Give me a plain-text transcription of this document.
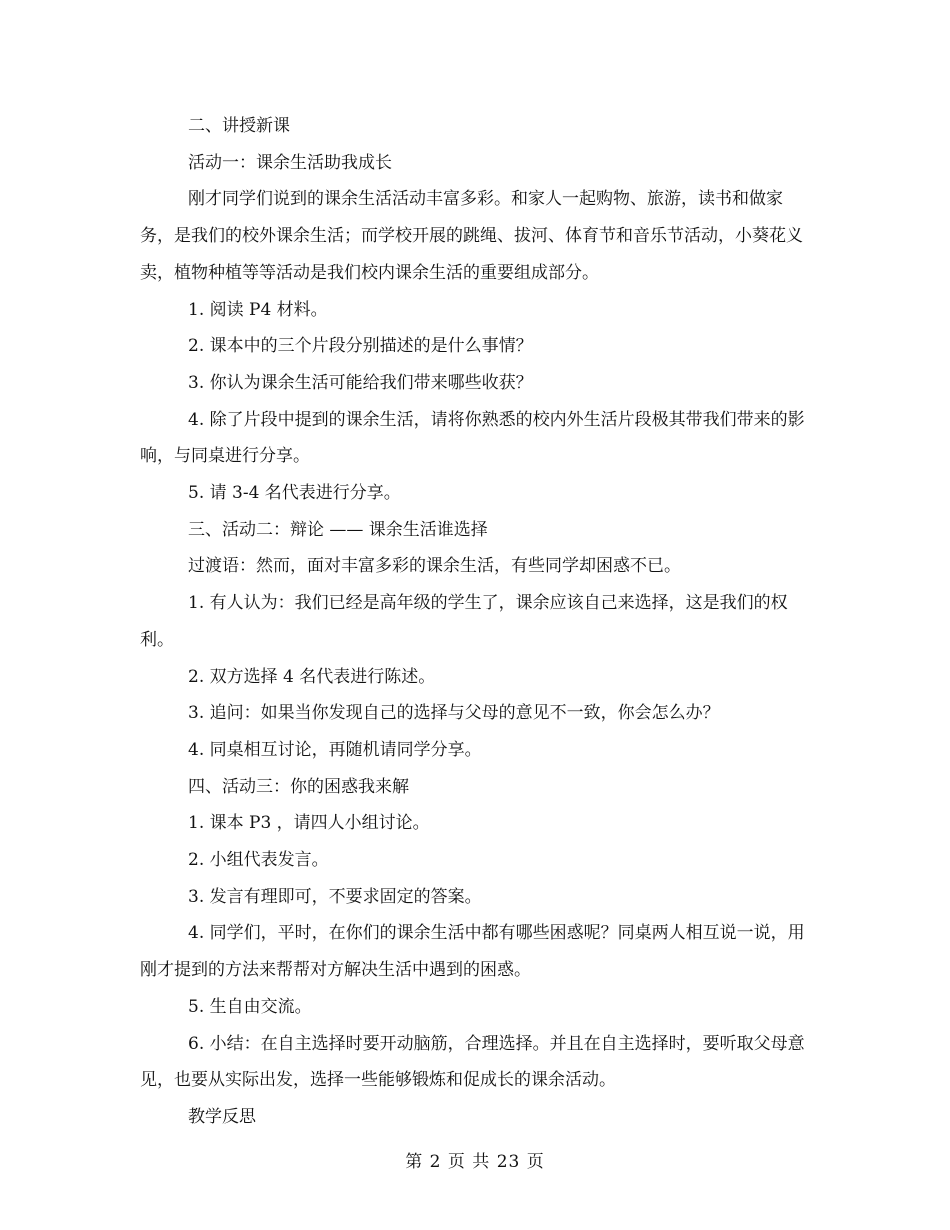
二、讲授新课

活动一：课余生活助我成长

刚才同学们说到的课余生活活动丰富多彩。和家人一起购物、旅游，读书和做家务，是我们的校外课余生活；而学校开展的跳绳、拔河、体育节和音乐节活动，小葵花义卖，植物种植等等活动是我们校内课余生活的重要组成部分。

1. 阅读 P4 材料。

2. 课本中的三个片段分别描述的是什么事情？

3. 你认为课余生活可能给我们带来哪些收获？

4. 除了片段中提到的课余生活，请将你熟悉的校内外生活片段极其带我们带来的影响，与同桌进行分享。

5. 请 3-4 名代表进行分享。

三、活动二：辩论 —— 课余生活谁选择

过渡语：然而，面对丰富多彩的课余生活，有些同学却困惑不已。

1. 有人认为：我们已经是高年级的学生了，课余应该自己来选择，这是我们的权利。

2. 双方选择 4 名代表进行陈述。

3. 追问：如果当你发现自己的选择与父母的意见不一致，你会怎么办？

4. 同桌相互讨论，再随机请同学分享。

四、活动三：你的困惑我来解

1. 课本 P3 ，请四人小组讨论。

2. 小组代表发言。

3. 发言有理即可，不要求固定的答案。

4. 同学们，平时，在你们的课余生活中都有哪些困惑呢？同桌两人相互说一说，用刚才提到的方法来帮帮对方解决生活中遇到的困惑。

5. 生自由交流。

6. 小结：在自主选择时要开动脑筋，合理选择。并且在自主选择时，要听取父母意见，也要从实际出发，选择一些能够锻炼和促成长的课余活动。

教学反思

第 2 页 共 23 页
